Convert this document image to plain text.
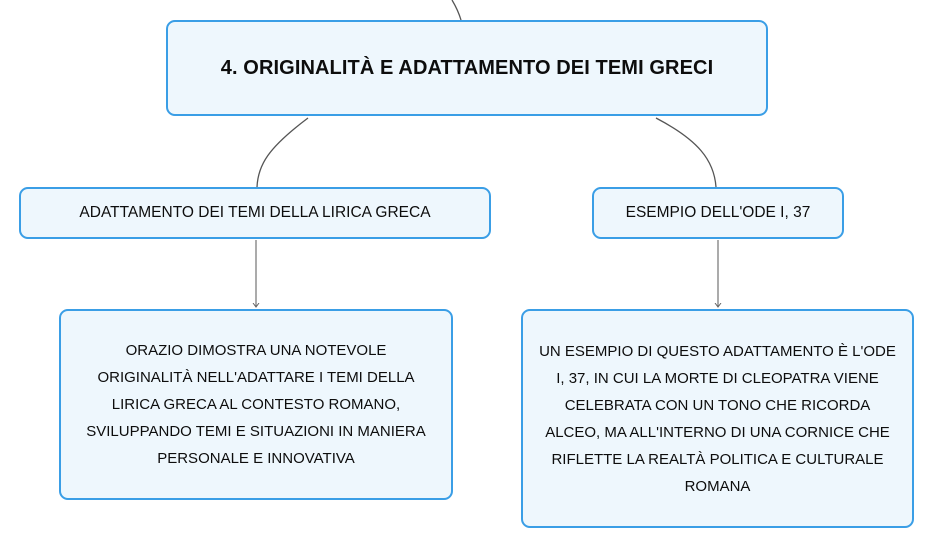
4. ORIGINALITÀ E ADATTAMENTO DEI TEMI GRECI
ADATTAMENTO DEI TEMI DELLA LIRICA GRECA	ESEMPIO DELL'ODE I, 37
ORAZIO DIMOSTRA UNA NOTEVOLE ORIGINALITÀ NELL'ADATTARE I TEMI DELLA LIRICA GRECA AL CONTESTO ROMANO, SVILUPPANDO TEMI E SITUAZIONI IN MANIERA PERSONALE E INNOVATIVA
UN ESEMPIO DI QUESTO ADATTAMENTO È L'ODE I, 37, IN CUI LA MORTE DI CLEOPATRA VIENE CELEBRATA CON UN TONO CHE RICORDA ALCEO, MA ALL'INTERNO DI UNA CORNICE CHE RIFLETTE LA REALTÀ POLITICA E CULTURALE ROMANA
